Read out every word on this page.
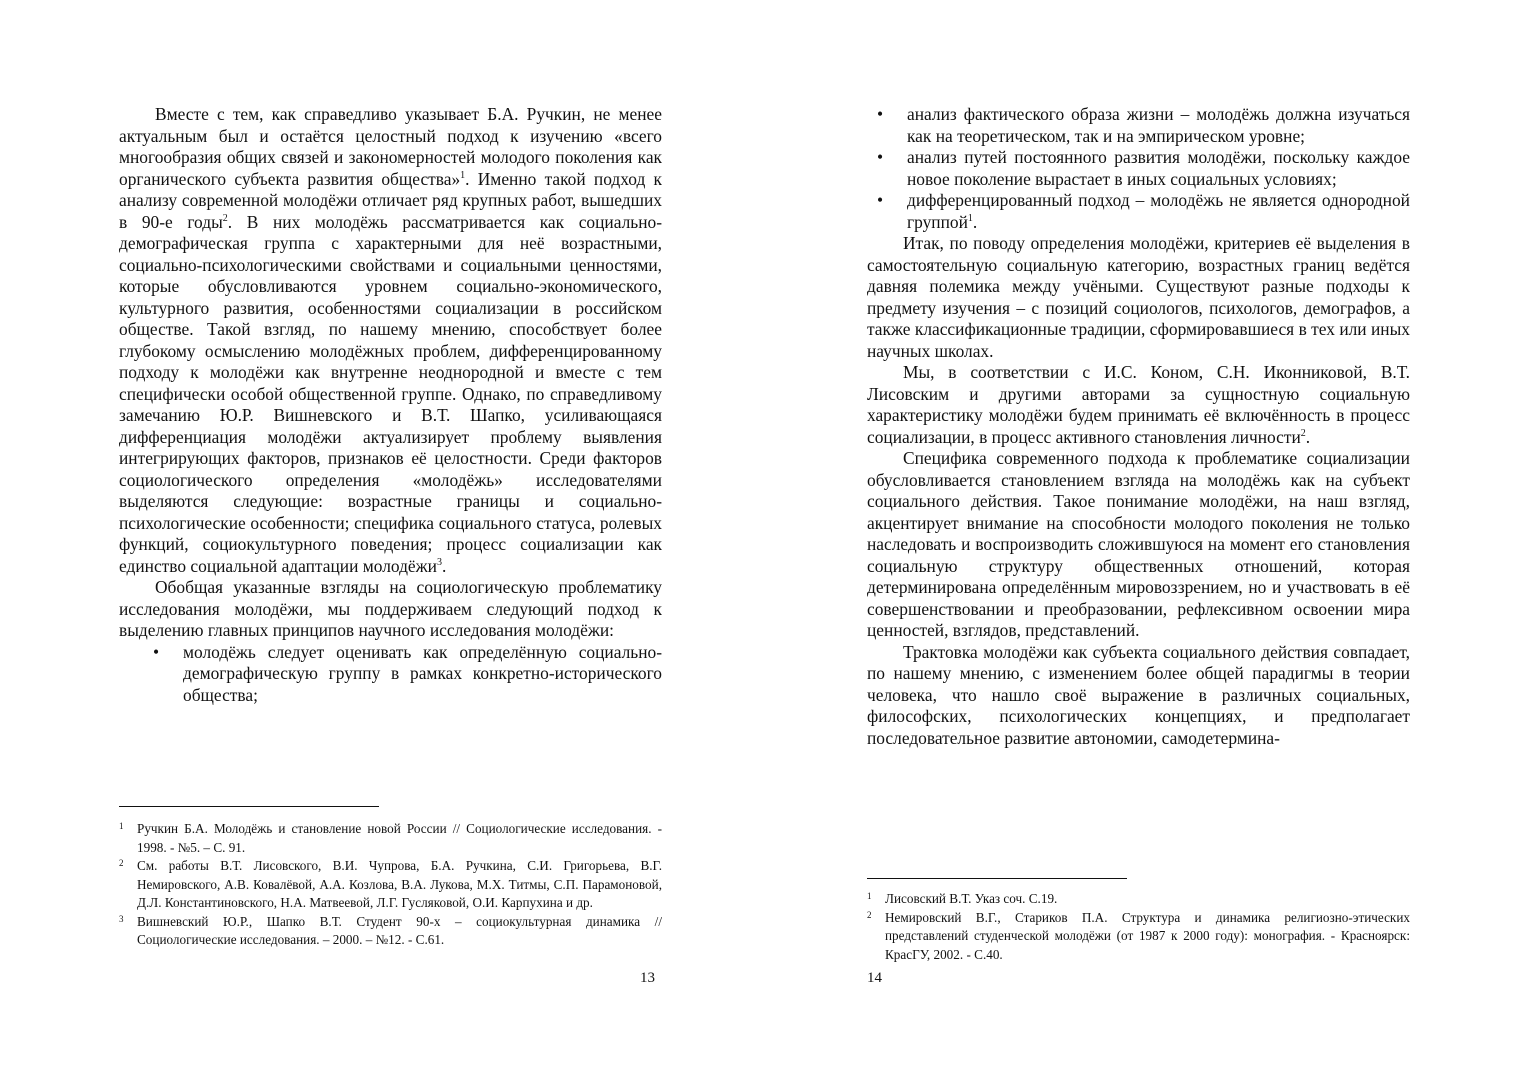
Вместе с тем, как справедливо указывает Б.А. Ручкин, не менее актуальным был и остаётся целостный подход к изучению «всего многообразия общих связей и закономерностей молодого поколения как органического субъекта развития общества»$^1$. Именно такой подход к анализу современной молодёжи отличает ряд крупных работ, вышедших в 90-е годы$^2$. В них молодёжь рассматривается как социально-демографическая группа с характерными для неё возрастными, социально-психологическими свойствами и социальными ценностями, которые обусловливаются уровнем социально-экономического, культурного развития, особенностями социализации в российском обществе. Такой взгляд, по нашему мнению, способствует более глубокому осмыслению молодёжных проблем, дифференцированному подходу к молодёжи как внутренне неоднородной и вместе с тем специфически особой общественной группе. Однако, по справедливому замечанию Ю.Р. Вишневского и В.Т. Шапко, усиливающаяся дифференциация молодёжи актуализирует проблему выявления интегрирующих факторов, признаков её целостности. Среди факторов социологического определения «молодёжь» исследователями выделяются следующие: возрастные границы и социально-психологические особенности; специфика социального статуса, ролевых функций, социокультурного поведения; процесс социализации как единство социальной адаптации молодёжи$^3$.

Обобщая указанные взгляды на социологическую проблематику исследования молодёжи, мы поддерживаем следующий подход к выделению главных принципов научного исследования молодёжи:

• молодёжь следует оценивать как определённую социально-демографическую группу в рамках конкретно-исторического общества;

1 Ручкин Б.А. Молодёжь и становление новой России // Социологические исследования. - 1998. - №5. – С. 91.

2 См. работы В.Т. Лисовского, В.И. Чупрова, Б.А. Ручкина, С.И. Григорьева, В.Г. Немировского, А.В. Ковалёвой, А.А. Козлова, В.А. Лукова, М.Х. Титмы, С.П. Парамоновой, Д.Л. Константиновского, Н.А. Матвеевой, Л.Г. Гусляковой, О.И. Карпухина и др.

3 Вишневский Ю.Р., Шапко В.Т. Студент 90-х – социокультурная динамика // Социологические исследования. – 2000. – №12. - С.61.

13
• анализ фактического образа жизни – молодёжь должна изучаться как на теоретическом, так и на эмпирическом уровне;
• анализ путей постоянного развития молодёжи, поскольку каждое новое поколение вырастает в иных социальных условиях;
• дифференцированный подход – молодёжь не является однородной группой$^1$.

Итак, по поводу определения молодёжи, критериев её выделения в самостоятельную социальную категорию, возрастных границ ведётся давняя полемика между учёными. Существуют разные подходы к предмету изучения – с позиций социологов, психологов, демографов, а также классификационные традиции, сформировавшиеся в тех или иных научных школах.

Мы, в соответствии с И.С. Коном, С.Н. Иконниковой, В.Т. Лисовским и другими авторами за сущностную социальную характеристику молодёжи будем принимать её включённость в процесс социализации, в процесс активного становления личности$^2$.

Специфика современного подхода к проблематике социализации обусловливается становлением взгляда на молодёжь как на субъект социального действия. Такое понимание молодёжи, на наш взгляд, акцентирует внимание на способности молодого поколения не только наследовать и воспроизводить сложившуюся на момент его становления социальную структуру общественных отношений, которая детерминирована определённым мировоззрением, но и участвовать в её совершенствовании и преобразовании, рефлексивном освоении мира ценностей, взглядов, представлений.

Трактовка молодёжи как субъекта социального действия совпадает, по нашему мнению, с изменением более общей парадигмы в теории человека, что нашло своё выражение в различных социальных, философских, психологических концепциях, и предполагает последовательное развитие автономии, самодетермина-

1 Лисовский В.Т. Указ соч. С.19.

2 Немировский В.Г., Стариков П.А. Структура и динамика религиозно-этических представлений студенческой молодёжи (от 1987 к 2000 году): монография. - Красноярск: КрасГУ, 2002. - С.40.

14
